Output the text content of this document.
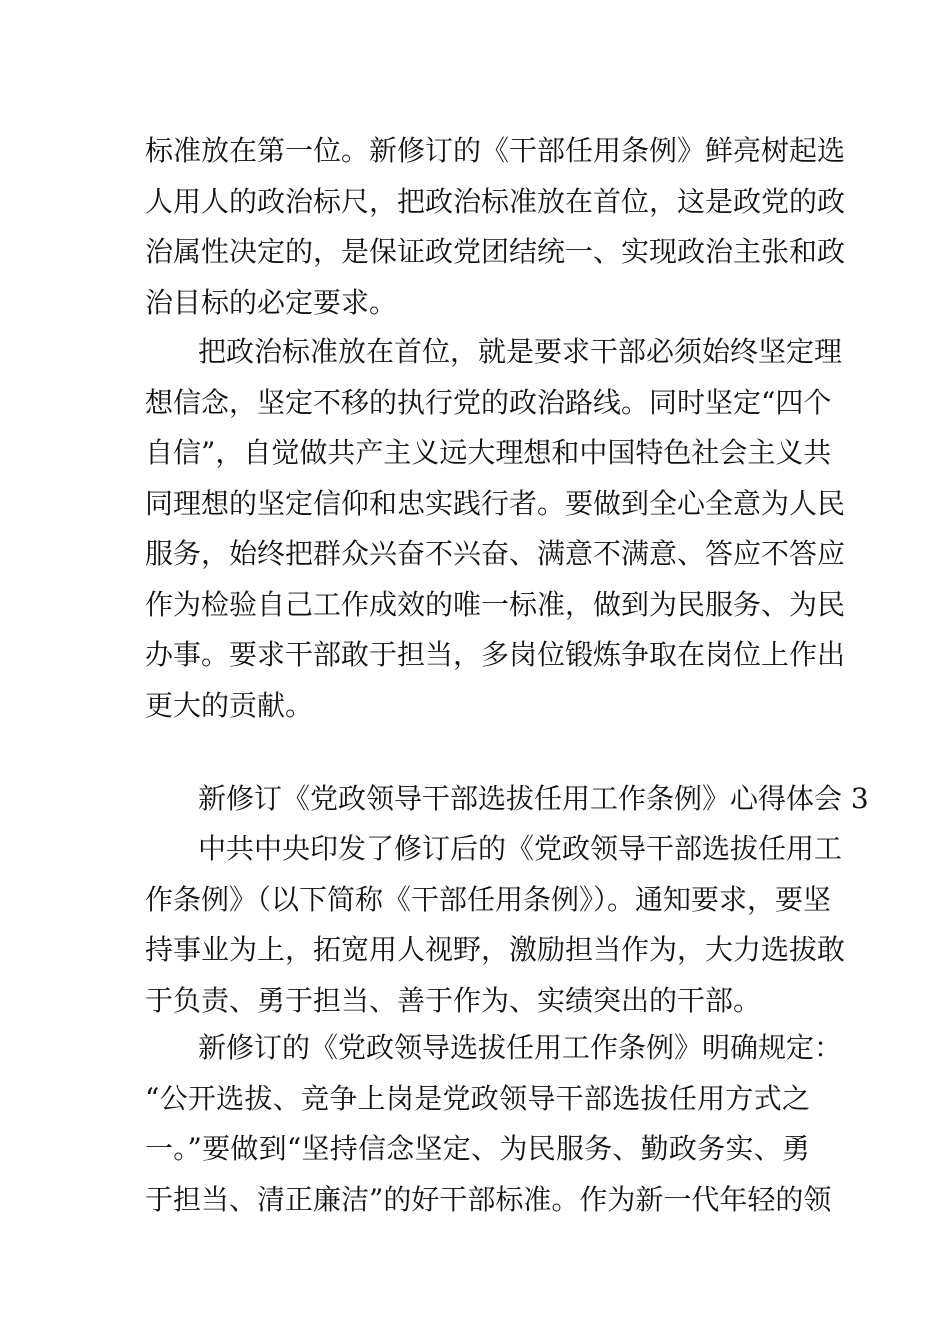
标准放在第一位。新修订的《干部任用条例》鲜亮树起选
人用人的政治标尺，把政治标准放在首位，这是政党的政
治属性决定的，是保证政党团结统一、实现政治主张和政
治目标的必定要求。
把政治标准放在首位，就是要求干部必须始终坚定理
想信念，坚定不移的执行党的政治路线。同时坚定“四个
自信”，自觉做共产主义远大理想和中国特色社会主义共
同理想的坚定信仰和忠实践行者。要做到全心全意为人民
服务，始终把群众兴奋不兴奋、满意不满意、答应不答应
作为检验自己工作成效的唯一标准，做到为民服务、为民
办事。要求干部敢于担当，多岗位锻炼争取在岗位上作出
更大的贡献。
新修订《党政领导干部选拔任用工作条例》心得体会 3
中共中央印发了修订后的《党政领导干部选拔任用工
作条例》（以下简称《干部任用条例》）。通知要求，要坚
持事业为上，拓宽用人视野，激励担当作为，大力选拔敢
于负责、勇于担当、善于作为、实绩突出的干部。
新修订的《党政领导选拔任用工作条例》明确规定：
“公开选拔、竞争上岗是党政领导干部选拔任用方式之
一。”要做到“坚持信念坚定、为民服务、勤政务实、勇
于担当、清正廉洁”的好干部标准。作为新一代年轻的领
